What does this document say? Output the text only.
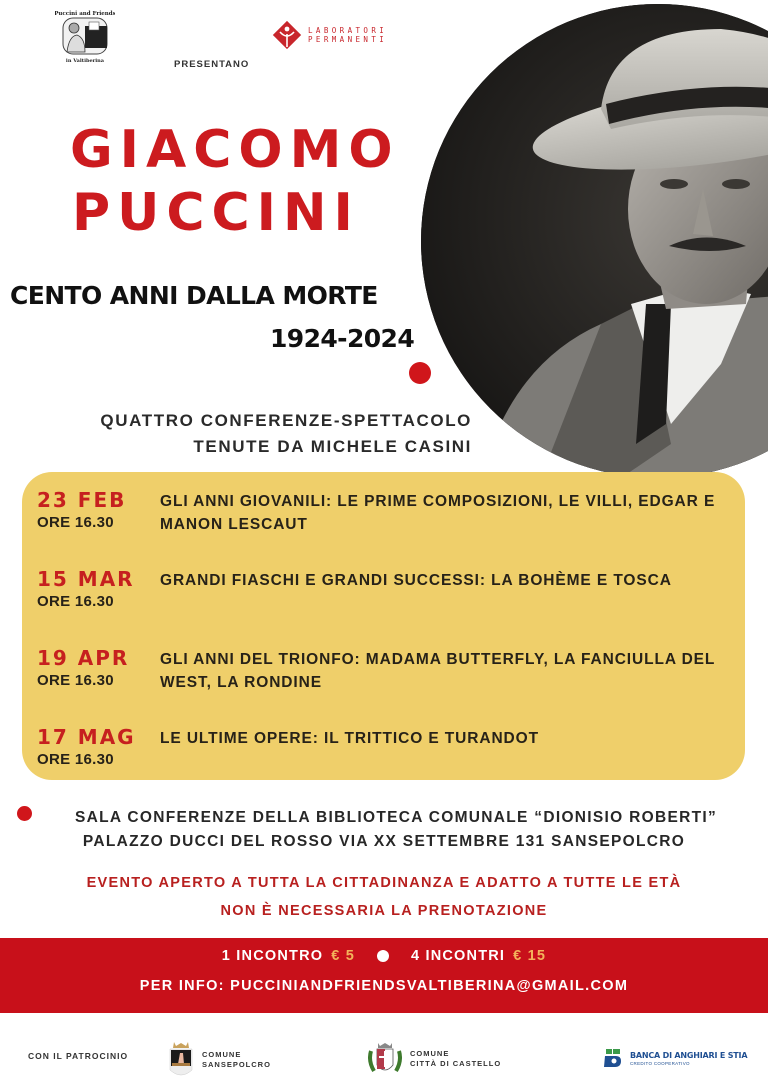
Puccini and Friends
in Valtiberina
LABORATORI
PERMANENTI
PRESENTANO
GIACOMO
PUCCINI
CENTO ANNI DALLA MORTE
1924-2024
QUATTRO CONFERENZE-SPETTACOLO
TENUTE DA MICHELE CASINI
23 FEB
ORE 16.30
GLI ANNI GIOVANILI: LE PRIME COMPOSIZIONI, LE VILLI, EDGAR E MANON LESCAUT
15 MAR
ORE 16.30
GRANDI FIASCHI E GRANDI SUCCESSI: LA BOHÈME E TOSCA
19 APR
ORE 16.30
GLI ANNI DEL TRIONFO: MADAMA BUTTERFLY, LA FANCIULLA DEL WEST, LA RONDINE
17 MAG
ORE 16.30
LE ULTIME OPERE: IL TRITTICO E TURANDOT
SALA CONFERENZE DELLA BIBLIOTECA COMUNALE “DIONISIO ROBERTI”
PALAZZO DUCCI DEL ROSSO VIA XX SETTEMBRE 131 SANSEPOLCRO
EVENTO APERTO A TUTTA LA CITTADINANZA E ADATTO A TUTTE LE ETÀ
NON È NECESSARIA LA PRENOTAZIONE
1 INCONTRO € 5	4 INCONTRI € 15
PER INFO: PUCCINIANDFRIENDSVALTIBERINA@GMAIL.COM
CON IL PATROCINIO	COMUNE
SANSEPOLCRO
COMUNE
CITTÀ DI CASTELLO
BANCA DI ANGHIARI E STIA
CREDITO COOPERATIVO
